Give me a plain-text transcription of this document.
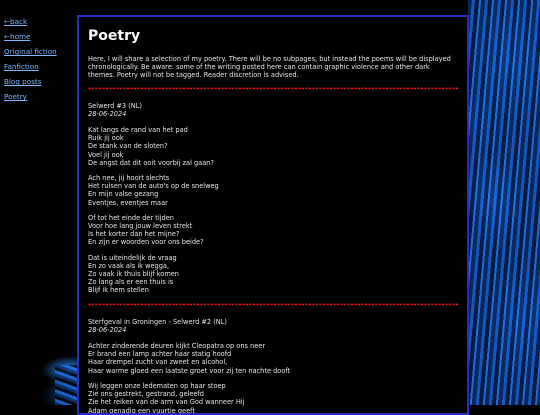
←back
←home
Original fiction
Fanfiction
Blog posts
Poetry
Poetry

Here, I will share a selection of my poetry. There will be no subpages, but instead the poems will be displayed chronologically. Be aware: some of the writing posted here can contain graphic violence and other dark themes. Poetry will not be tagged. Reader discretion is advised.

Selwerd #3 (NL)

28-06-2024

Kat langs de rand van het pad
Ruik jij ook
De stank van de sloten?
Voel jij ook
De angst dat dit ooit voorbij zal gaan?
Ach nee, jij hoort slechts
Het ruisen van de auto's op de snelweg
En mijn valse gezang
Eventjes, eventjes maar
Of tot het einde der tijden
Voor hoe lang jouw leven strekt
Is het korter dan het mijne?
En zijn er woorden voor ons beide?
Dat is uiteindelijk de vraag
En zo vaak als ik wegga,
Zo vaak ik thuis blijf komen
Zo lang als er een thuis is
Blijf ik hem stellen

Sterfgeval in Groningen - Selwerd #2 (NL)

28-06-2024

Achter zinderende deuren kijkt Cleopatra op ons neer
Er brand een lamp achter haar statig hoofd
Haar drempel zucht van zweet en alcohol,
Haar warme gloed een laatste groet voor zij ten nachte dooft
Wij leggen onze ledematen op haar stoep
Zie ons gestrekt, gestrand, geleefd
Zie het reiken van de arm van God wanneer Hij
Adam genadig een vuurtje geeft
